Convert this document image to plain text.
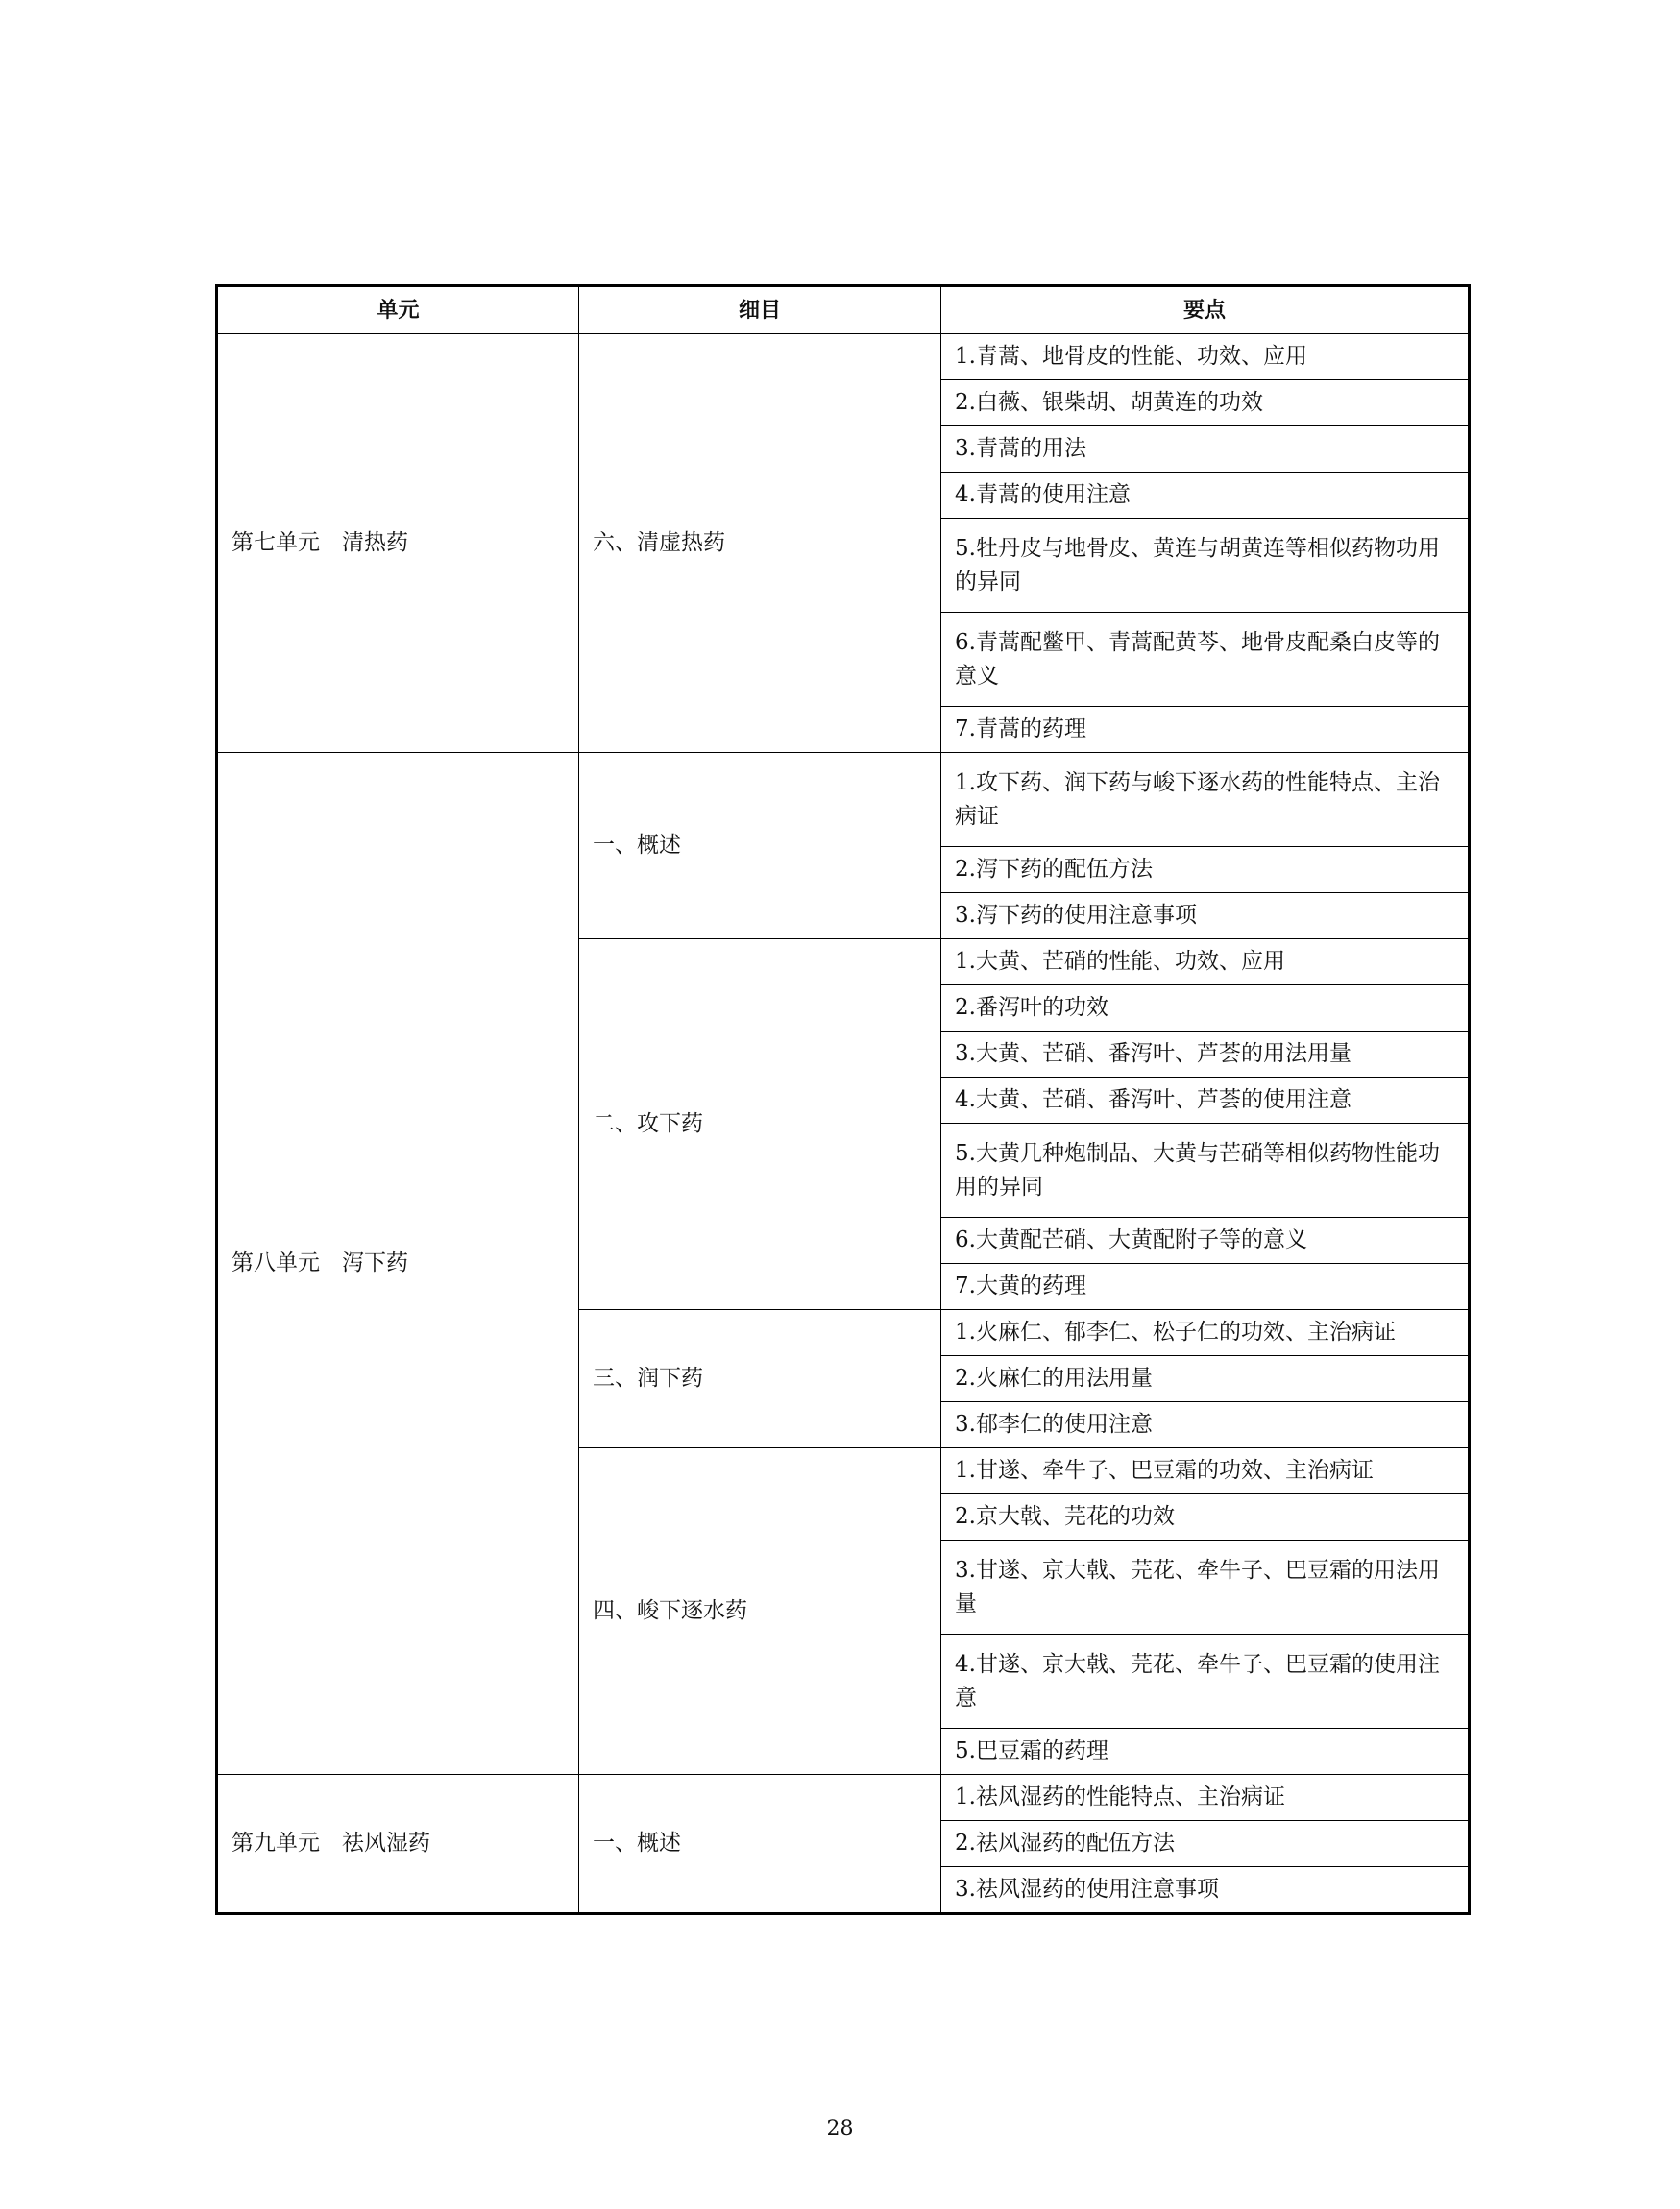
单元	细目	要点
第七单元　清热药	六、清虚热药	1.青蒿、地骨皮的性能、功效、应用
		2.白薇、银柴胡、胡黄连的功效
		3.青蒿的用法
		4.青蒿的使用注意
		5.牡丹皮与地骨皮、黄连与胡黄连等相似药物功用的异同
		6.青蒿配鳖甲、青蒿配黄芩、地骨皮配桑白皮等的意义
		7.青蒿的药理
第八单元　泻下药	一、概述	1.攻下药、润下药与峻下逐水药的性能特点、主治病证
		2.泻下药的配伍方法
		3.泻下药的使用注意事项
	二、攻下药	1.大黄、芒硝的性能、功效、应用
		2.番泻叶的功效
		3.大黄、芒硝、番泻叶、芦荟的用法用量
		4.大黄、芒硝、番泻叶、芦荟的使用注意
		5.大黄几种炮制品、大黄与芒硝等相似药物性能功用的异同
		6.大黄配芒硝、大黄配附子等的意义
		7.大黄的药理
	三、润下药	1.火麻仁、郁李仁、松子仁的功效、主治病证
		2.火麻仁的用法用量
		3.郁李仁的使用注意
	四、峻下逐水药	1.甘遂、牵牛子、巴豆霜的功效、主治病证
		2.京大戟、芫花的功效
		3.甘遂、京大戟、芫花、牵牛子、巴豆霜的用法用量
		4.甘遂、京大戟、芫花、牵牛子、巴豆霜的使用注意
		5.巴豆霜的药理
第九单元　祛风湿药	一、概述	1.祛风湿药的性能特点、主治病证
		2.祛风湿药的配伍方法
		3.祛风湿药的使用注意事项
28
